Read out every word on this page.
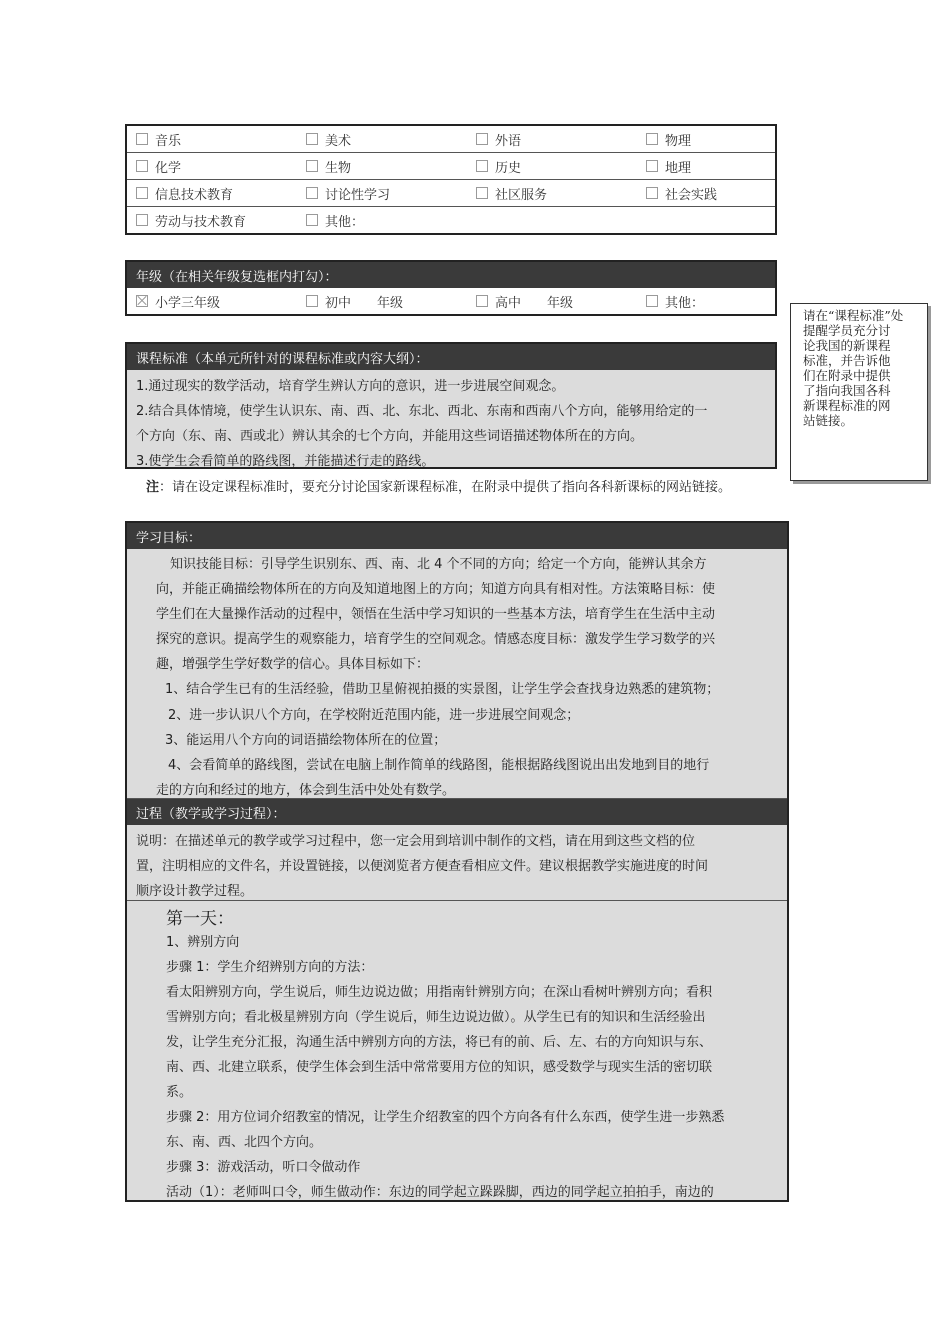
音乐	美术	外语	物理
化学	生物	历史	地理
信息技术教育	讨论性学习	社区服务	社会实践
劳动与技术教育	其他：
年级（在相关年级复选框内打勾）：
小学三年级	初中　　年级	高中　　年级	其他：
课程标准（本单元所针对的课程标准或内容大纲）：
1.通过现实的数学活动，培育学生辨认方向的意识，进一步进展空间观念。
2.结合具体情境，使学生认识东、南、西、北、东北、西北、东南和西南八个方向，能够用给定的一
个方向（东、南、西或北）辨认其余的七个方向，并能用这些词语描述物体所在的方向。
3.使学生会看简单的路线图，并能描述行走的路线。
注：请在设定课程标准时，要充分讨论国家新课程标准，在附录中提供了指向各科新课标的网站链接。
请在“课程标准”处
提醒学员充分讨
论我国的新课程
标准，并告诉他
们在附录中提供
了指向我国各科
新课程标准的网
站链接。
学习目标：
知识技能目标：引导学生识别东、西、南、北 4 个不同的方向；给定一个方向，能辨认其余方
向，并能正确描绘物体所在的方向及知道地图上的方向；知道方向具有相对性。方法策略目标：使
学生们在大量操作活动的过程中，领悟在生活中学习知识的一些基本方法，培育学生在生活中主动
探究的意识。提高学生的观察能力，培育学生的空间观念。情感态度目标：激发学生学习数学的兴
趣，增强学生学好数学的信心。具体目标如下：
1、结合学生已有的生活经验，借助卫星俯视拍摄的实景图，让学生学会查找身边熟悉的建筑物；
2、进一步认识八个方向，在学校附近范围内能，进一步进展空间观念；
3、能运用八个方向的词语描绘物体所在的位置；
4、会看简单的路线图，尝试在电脑上制作简单的线路图，能根据路线图说出出发地到目的地行
走的方向和经过的地方，体会到生活中处处有数学。
过程（教学或学习过程）：
说明：在描述单元的教学或学习过程中，您一定会用到培训中制作的文档，请在用到这些文档的位
置，注明相应的文件名，并设置链接，以便浏览者方便查看相应文件。建议根据教学实施进度的时间
顺序设计教学过程。
第一天：
1、辨别方向
步骤 1：学生介绍辨别方向的方法：
看太阳辨别方向，学生说后，师生边说边做；用指南针辨别方向；在深山看树叶辨别方向；看积
雪辨别方向；看北极星辨别方向（学生说后，师生边说边做）。从学生已有的知识和生活经验出
发，让学生充分汇报，沟通生活中辨别方向的方法，将已有的前、后、左、右的方向知识与东、
南、西、北建立联系，使学生体会到生活中常常要用方位的知识，感受数学与现实生活的密切联
系。
步骤 2：用方位词介绍教室的情况，让学生介绍教室的四个方向各有什么东西，使学生进一步熟悉
东、南、西、北四个方向。
步骤 3：游戏活动，听口令做动作
活动（1）：老师叫口令，师生做动作：东边的同学起立跺跺脚，西边的同学起立拍拍手，南边的
